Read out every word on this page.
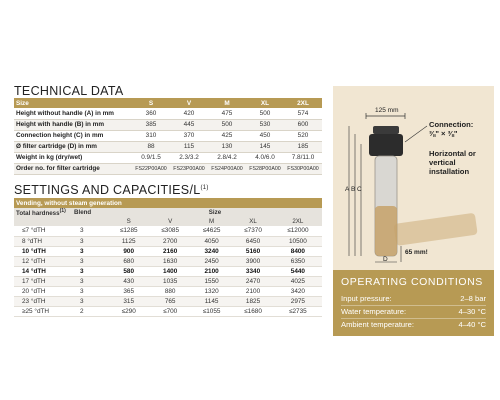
TECHNICAL DATA
Size	S	V	M	XL	2XL
Height without handle (A) in mm	360	420	475	500	574
Height with handle (B) in mm	385	445	500	530	600
Connection height (C) in mm	310	370	425	450	520
Ø filter cartridge (D) in mm	88	115	130	145	185
Weight in kg (dry/wet)	0.9/1.5	2.3/3.2	2.8/4.2	4.0/6.0	7.8/11.0
Order no. for filter cartridge	FS22P00A00	FS23P00A00	FS24P00A00	FS28P00A00	FS30P00A00
SETTINGS AND CAPACITIES/$L^{(1)}$
Vending, without steam generation						
Total hardness$^{(1)}$	Blend	Size				
		S	V	M	XL	2XL
≤7 °dTH	3	≤1285	≤3085	≤4625	≤7370	≤12000
8 °dTH	3	1125	2700	4050	6450	10500
10 °dTH	3	900	2160	3240	5160	8400
12 °dTH	3	680	1630	2450	3900	6350
14 °dTH	3	580	1400	2100	3340	5440
17 °dTH	3	430	1035	1550	2470	4025
20 °dTH	3	365	880	1320	2100	3420
23 °dTH	3	315	765	1145	1825	2975
≥25 °dTH	2	≤290	≤700	≤1055	≤1680	≤2735
125 mm
A B C
D
65 mm!
Connection:
⅜" × ⅜"
Horizontal or
vertical
installation
OPERATING CONDITIONS
Input pressure:	2–8 bar
Water temperature:	4–30 °C
Ambient temperature:	4–40 °C
